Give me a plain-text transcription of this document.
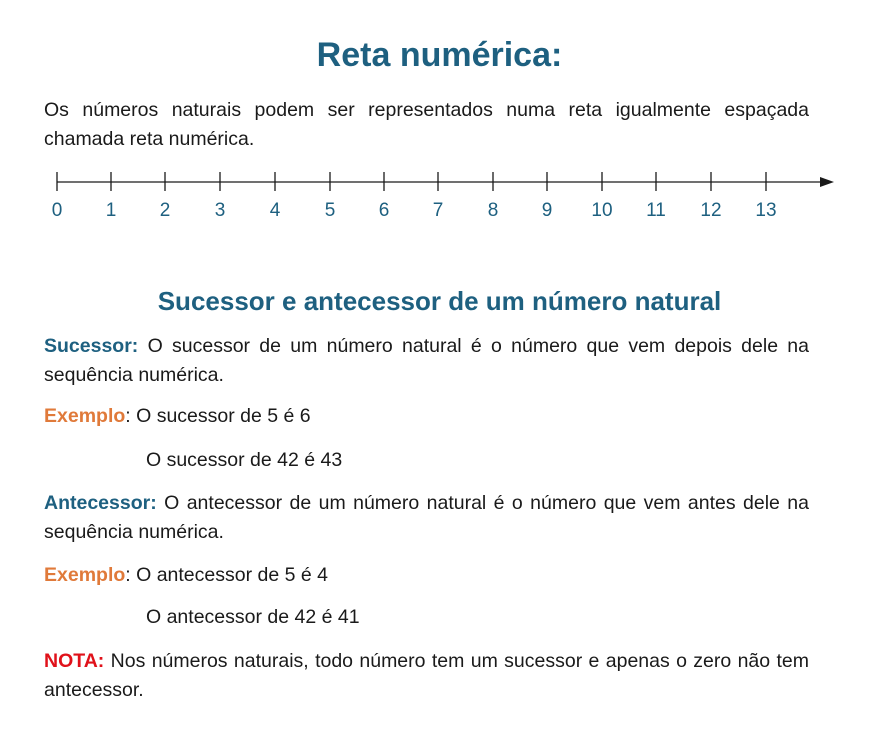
Reta numérica:

Os números naturais podem ser representados numa reta igualmente espaçada chamada reta numérica.

0 1 2 3 4 5 6 7 8 9 10 11 12 13
Sucessor e antecessor de um número natural

Sucessor: O sucessor de um número natural é o número que vem depois dele na sequência numérica.

Exemplo: O sucessor de 5 é 6

O sucessor de 42 é 43

Antecessor: O antecessor de um número natural é o número que vem antes dele na sequência numérica.

Exemplo: O antecessor de 5 é 4

O antecessor de 42 é 41

NOTA: Nos números naturais, todo número tem um sucessor e apenas o zero não tem antecessor.
